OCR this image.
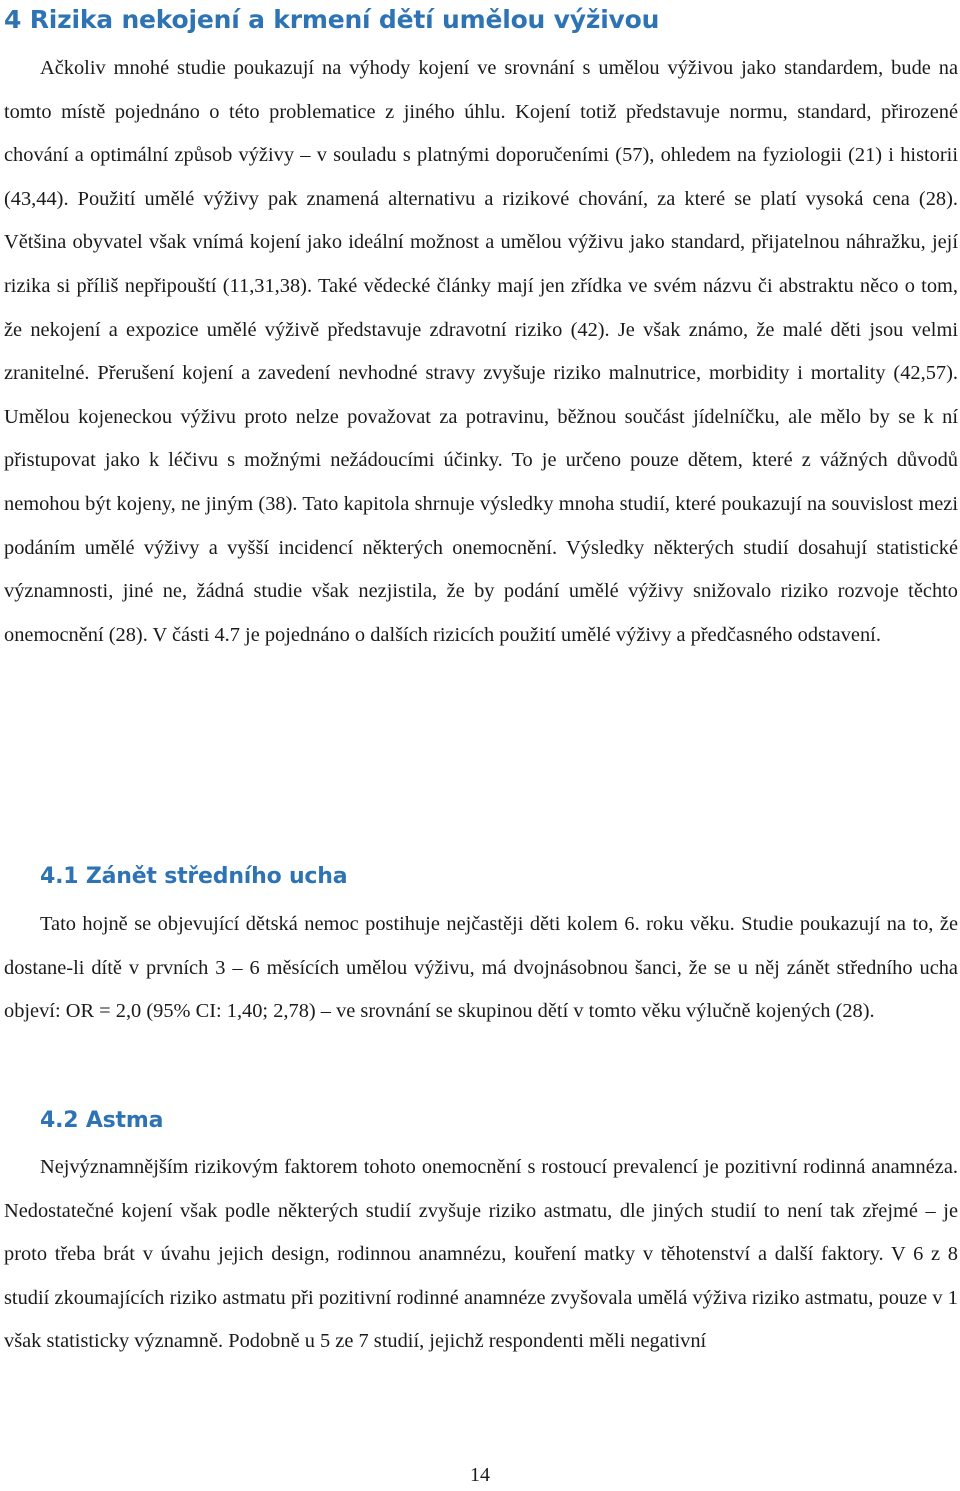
4 Rizika nekojení a krmení dětí umělou výživou

Ačkoliv mnohé studie poukazují na výhody kojení ve srovnání s umělou výživou jako standardem, bude na tomto místě pojednáno o této problematice z jiného úhlu. Kojení totiž představuje normu, standard, přirozené chování a optimální způsob výživy – v souladu s platnými doporučeními (57), ohledem na fyziologii (21) i historii (43,44). Použití umělé výživy pak znamená alternativu a rizikové chování, za které se platí vysoká cena (28). Většina obyvatel však vnímá kojení jako ideální možnost a umělou výživu jako standard, přijatelnou náhražku, její rizika si příliš nepřipouští (11,31,38). Také vědecké články mají jen zřídka ve svém názvu či abstraktu něco o tom, že nekojení a expozice umělé výživě představuje zdravotní riziko (42). Je však známo, že malé děti jsou velmi zranitelné. Přerušení kojení a zavedení nevhodné stravy zvyšuje riziko malnutrice, morbidity i mortality (42,57). Umělou kojeneckou výživu proto nelze považovat za potravinu, běžnou součást jídelníčku, ale mělo by se k ní přistupovat jako k léčivu s možnými nežádoucími účinky. To je určeno pouze dětem, které z vážných důvodů nemohou být kojeny, ne jiným (38). Tato kapitola shrnuje výsledky mnoha studií, které poukazují na souvislost mezi podáním umělé výživy a vyšší incidencí některých onemocnění. Výsledky některých studií dosahují statistické významnosti, jiné ne, žádná studie však nezjistila, že by podání umělé výživy snižovalo riziko rozvoje těchto onemocnění (28). V části 4.7 je pojednáno o dalších rizicích použití umělé výživy a předčasného odstavení.

4.1 Zánět středního ucha

Tato hojně se objevující dětská nemoc postihuje nejčastěji děti kolem 6. roku věku. Studie poukazují na to, že dostane-li dítě v prvních 3 – 6 měsících umělou výživu, má dvojnásobnou šanci, že se u něj zánět středního ucha objeví: OR = 2,0 (95% CI: 1,40; 2,78) – ve srovnání se skupinou dětí v tomto věku výlučně kojených (28).

4.2 Astma

Nejvýznamnějším rizikovým faktorem tohoto onemocnění s rostoucí prevalencí je pozitivní rodinná anamnéza. Nedostatečné kojení však podle některých studií zvyšuje riziko astmatu, dle jiných studií to není tak zřejmé – je proto třeba brát v úvahu jejich design, rodinnou anamnézu, kouření matky v těhotenství a další faktory. V 6 z 8 studií zkoumajících riziko astmatu při pozitivní rodinné anamnéze zvyšovala umělá výživa riziko astmatu, pouze v 1 však statisticky významně. Podobně u 5 ze 7 studií, jejichž respondenti měli negativní

14
